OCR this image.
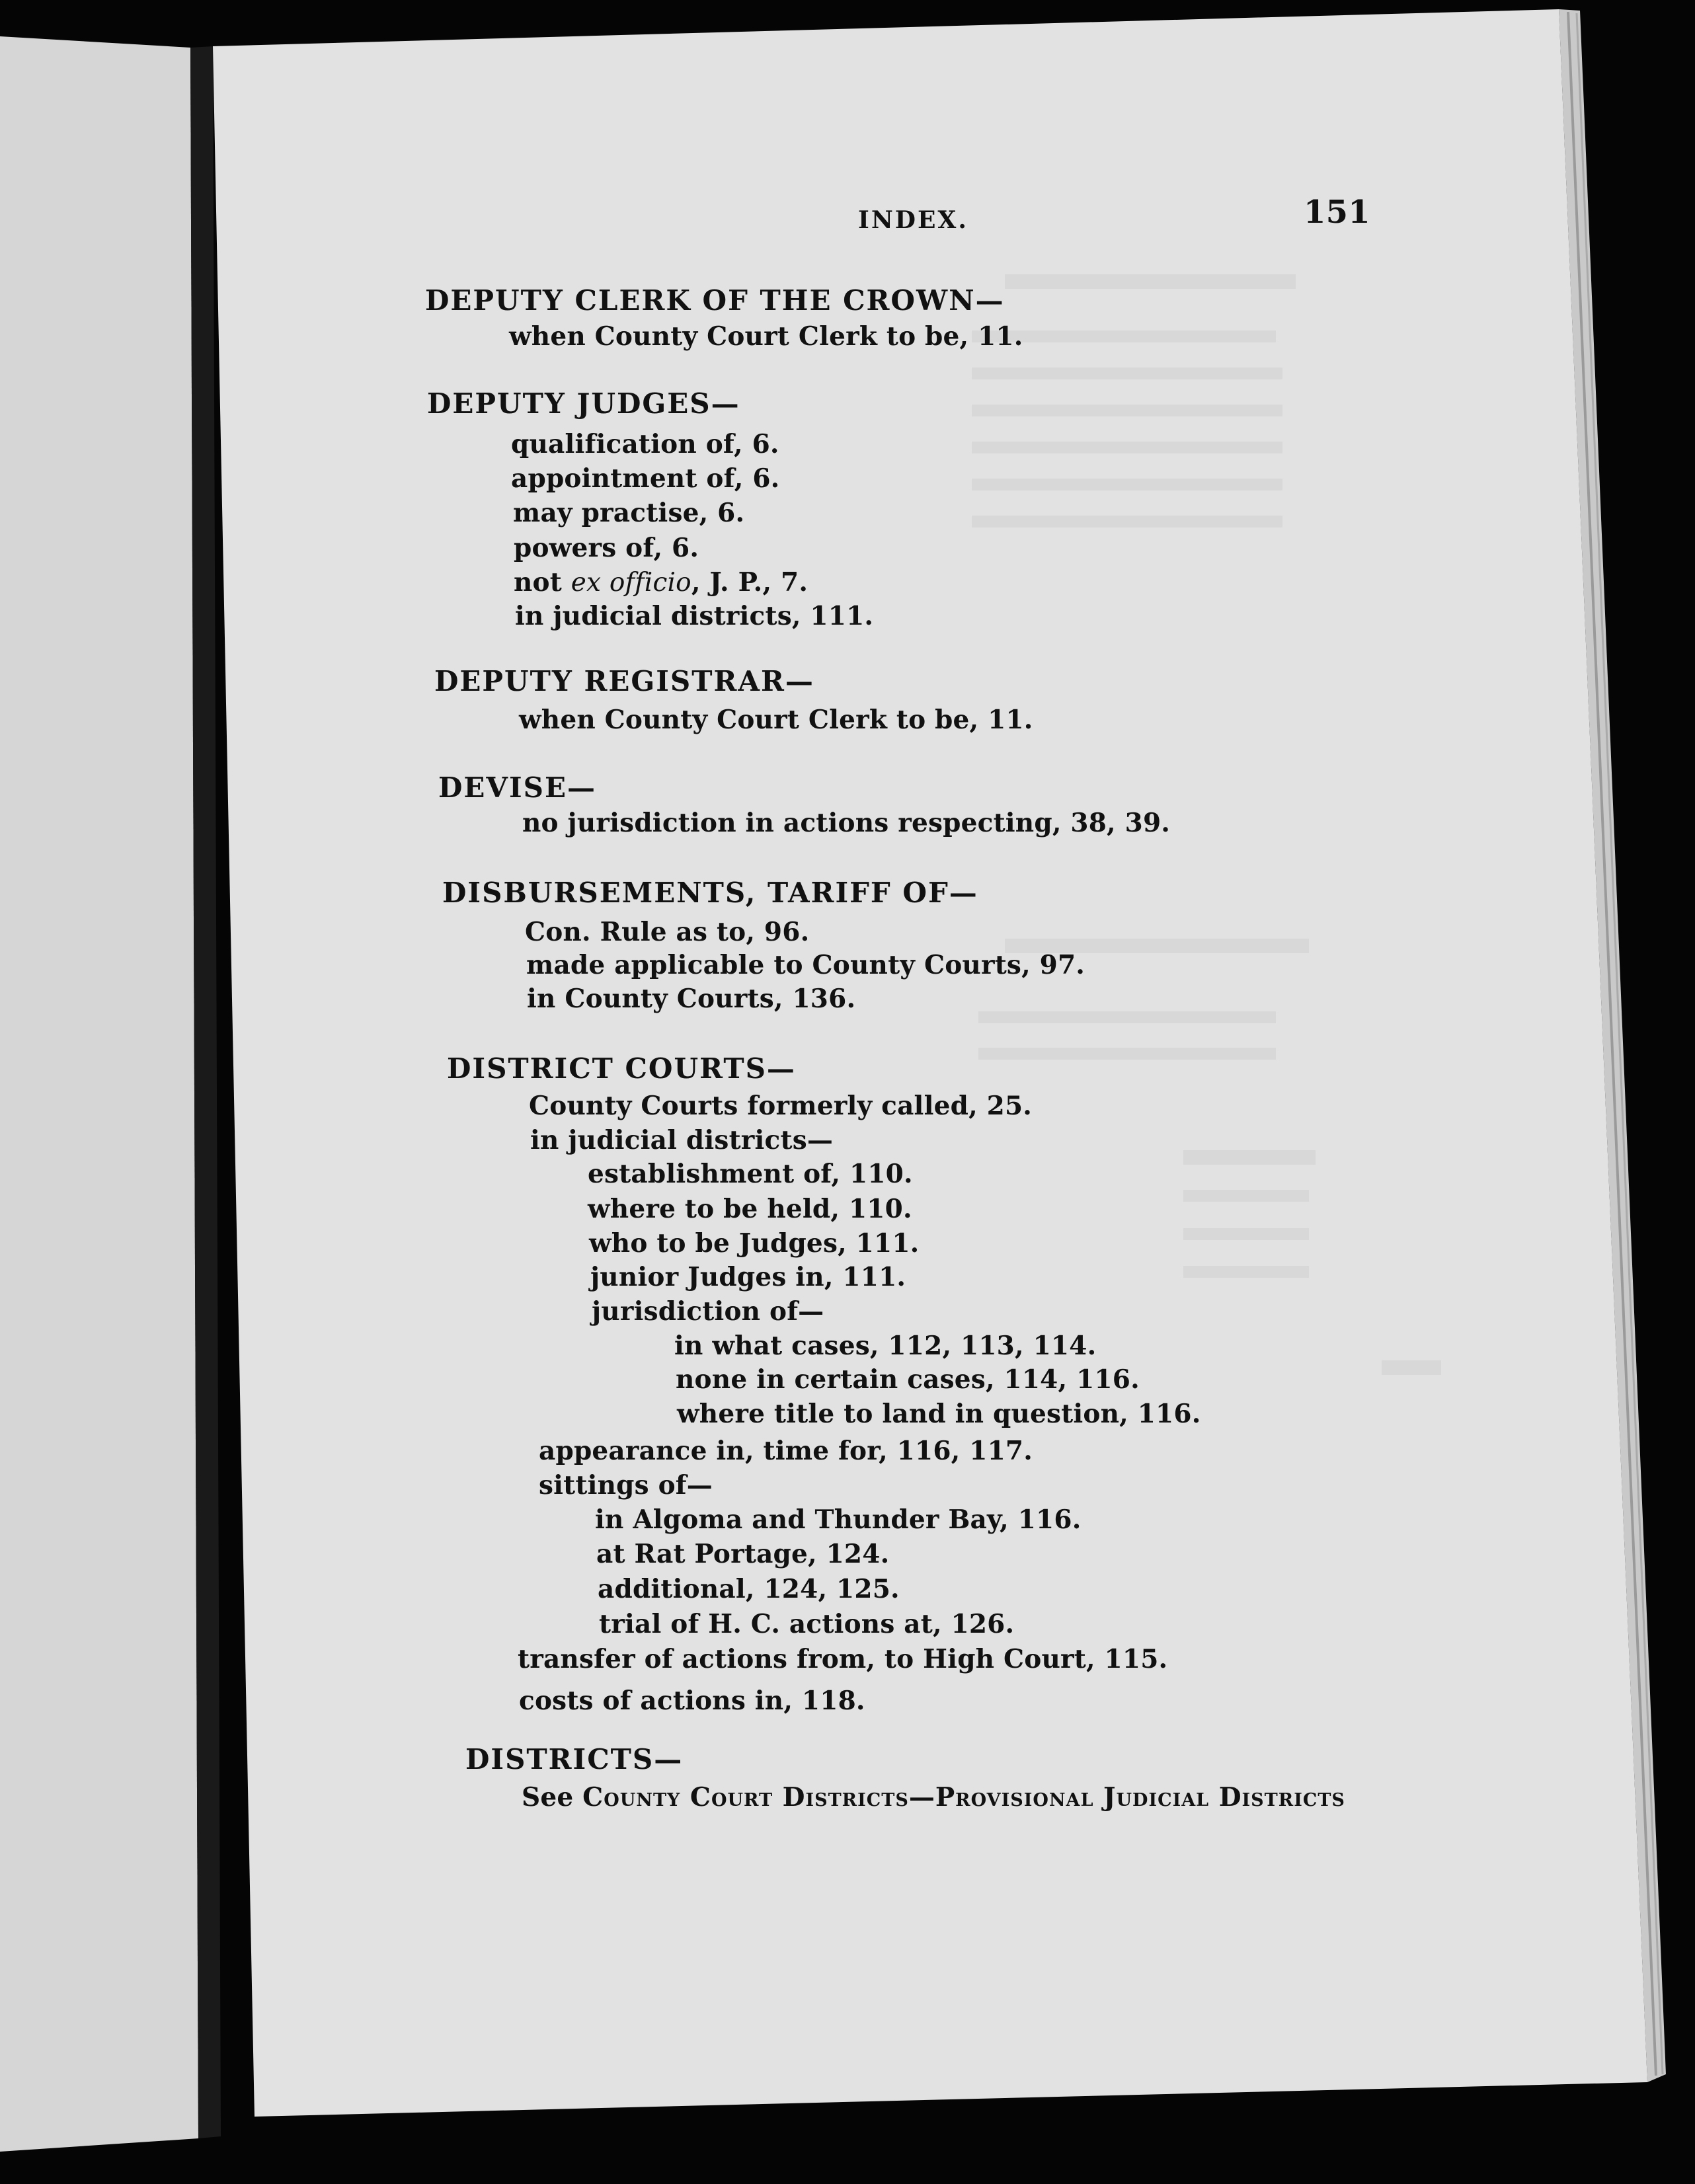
INDEX.	151
DEPUTY CLERK OF THE CROWN—
when County Court Clerk to be, 11.
DEPUTY JUDGES—
qualification of, 6.
appointment of, 6.
may practise, 6.
powers of, 6.
not ex officio, J. P., 7.
in judicial districts, 111.
DEPUTY REGISTRAR—
when County Court Clerk to be, 11.
DEVISE—
no jurisdiction in actions respecting, 38, 39.
DISBURSEMENTS, TARIFF OF—
Con. Rule as to, 96.
made applicable to County Courts, 97.
in County Courts, 136.
DISTRICT COURTS—
County Courts formerly called, 25.
in judicial districts—
establishment of, 110.
where to be held, 110.
who to be Judges, 111.
junior Judges in, 111.
jurisdiction of—
in what cases, 112, 113, 114.
none in certain cases, 114, 116.
where title to land in question, 116.
appearance in, time for, 116, 117.
sittings of—
in Algoma and Thunder Bay, 116.
at Rat Portage, 124.
additional, 124, 125.
trial of H. C. actions at, 126.
transfer of actions from, to High Court, 115.
costs of actions in, 118.
DISTRICTS—
See County Court Districts—Provisional Judicial Districts
